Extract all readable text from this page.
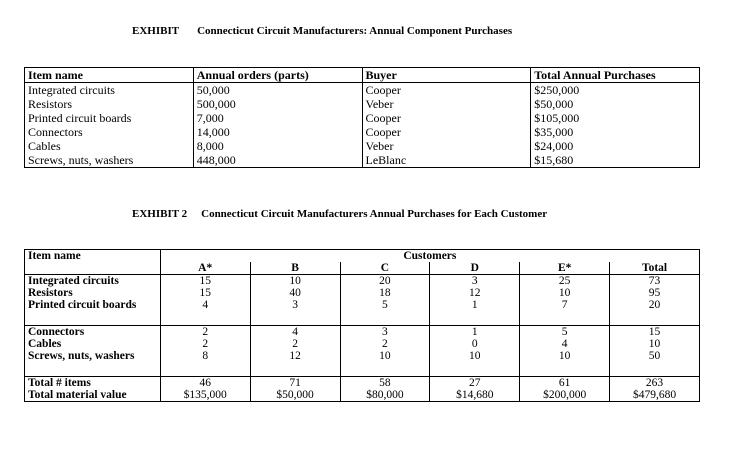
EXHIBIT Connecticut Circuit Manufacturers: Annual Component Purchases
Item name	Annual orders (parts)	Buyer	Total Annual Purchases
Integrated circuits	50,000	Cooper	$250,000
Resistors	500,000	Veber	$50,000
Printed circuit boards	7,000	Cooper	$105,000
Connectors	14,000	Cooper	$35,000
Cables	8,000	Veber	$24,000
Screws, nuts, washers	448,000	LeBlanc	$15,680
EXHIBIT 2 Connecticut Circuit Manufacturers Annual Purchases for Each Customer
Item name	Customers					
	A*	B	C	D	E*	Total
Integrated circuits	15	10	20	3	25	73
Resistors	15	40	18	12	10	95
Printed circuit boards	4	3	5	1	7	20
Connectors	2	4	3	1	5	15
Cables	2	2	2	0	4	10
Screws, nuts, washers	8	12	10	10	10	50
Total # items	46	71	58	27	61	263
Total material value	$135,000	$50,000	$80,000	$14,680	$200,000	$479,680
